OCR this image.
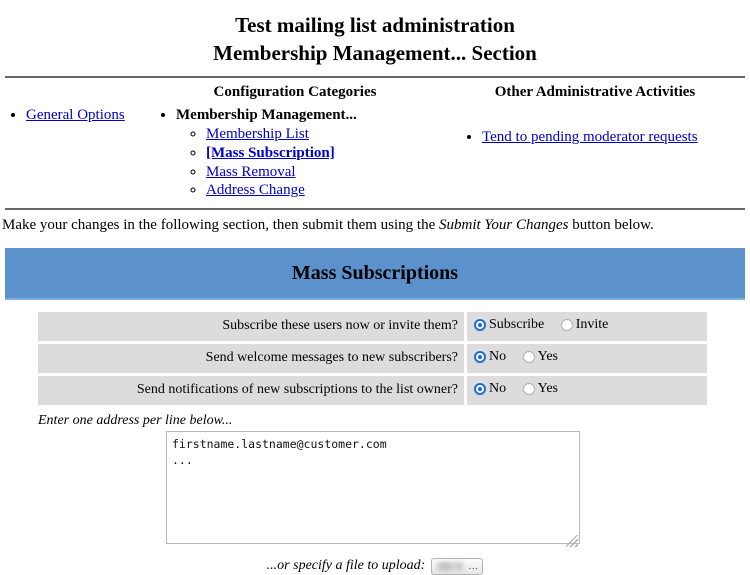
Test mailing list administration
Membership Management... Section
• General Options
Configuration Categories
• Membership Management...
◦ Membership List
◦ [Mass Subscription]
◦ Mass Removal
◦ Address Change
Other Administrative Activities
• Tend to pending moderator requests
Make your changes in the following section, then submit them using the Submit Your Changes button below.
Mass Subscriptions
Subscribe these users now or invite them?	Subscribe
Invite

Send welcome messages to new subscribers?	No
Yes

Send notifications of new subscriptions to the list owner?	No
Yes
Enter one address per line below...
firstname.lastname@customer.com ...
...or specify a file to upload:	...
